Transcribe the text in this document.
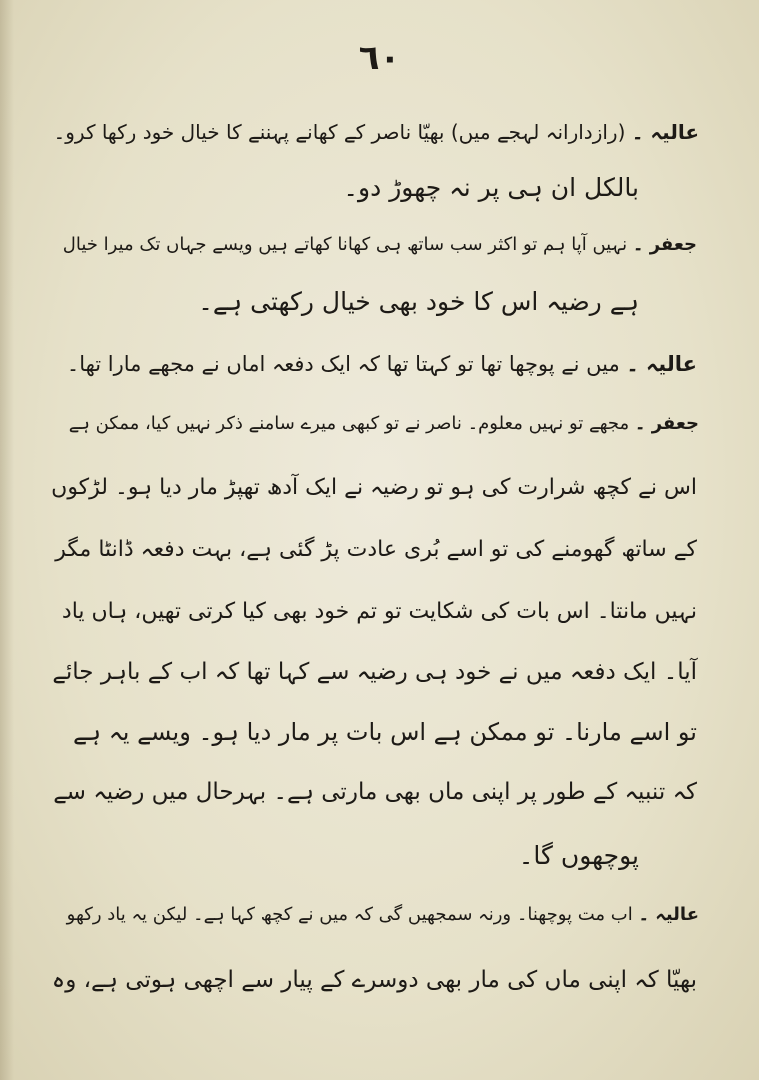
٦٠
عالیہ ۔ (رازدارانہ لہجے میں) بھیّا ناصر کے کھانے پہننے کا خیال خود رکھا کرو۔
بالکل ان ہی پر نہ چھوڑ دو۔
جعفر ۔ نہیں آپا ہم تو اکثر سب ساتھ ہی کھانا کھاتے ہیں ویسے جہاں تک میرا خیال
ہے رضیہ اس کا خود بھی خیال رکھتی ہے۔
عالیہ ۔ میں نے پوچھا تھا تو کہتا تھا کہ ایک دفعہ اماں نے مجھے مارا تھا۔
جعفر ۔ مجھے تو نہیں معلوم۔ ناصر نے تو کبھی میرے سامنے ذکر نہیں کیا، ممکن ہے
اس نے کچھ شرارت کی ہو تو رضیہ نے ایک آدھ تھپڑ مار دیا ہو۔ لڑکوں
کے ساتھ گھومنے کی تو اسے بُری عادت پڑ گئی ہے، بہت دفعہ ڈانٹا مگر
نہیں مانتا۔ اس بات کی شکایت تو تم خود بھی کیا کرتی تھیں، ہاں یاد
آیا۔ ایک دفعہ میں نے خود ہی رضیہ سے کہا تھا کہ اب کے باہر جائے
تو اسے مارنا۔ تو ممکن ہے اس بات پر مار دیا ہو۔ ویسے یہ ہے
کہ تنبیہ کے طور پر اپنی ماں بھی مارتی ہے۔ بہرحال میں رضیہ سے
پوچھوں گا۔
عالیہ ۔ اب مت پوچھنا۔ ورنہ سمجھیں گی کہ میں نے کچھ کہا ہے۔ لیکن یہ یاد رکھو
بھیّا کہ اپنی ماں کی مار بھی دوسرے کے پیار سے اچھی ہوتی ہے، وہ
